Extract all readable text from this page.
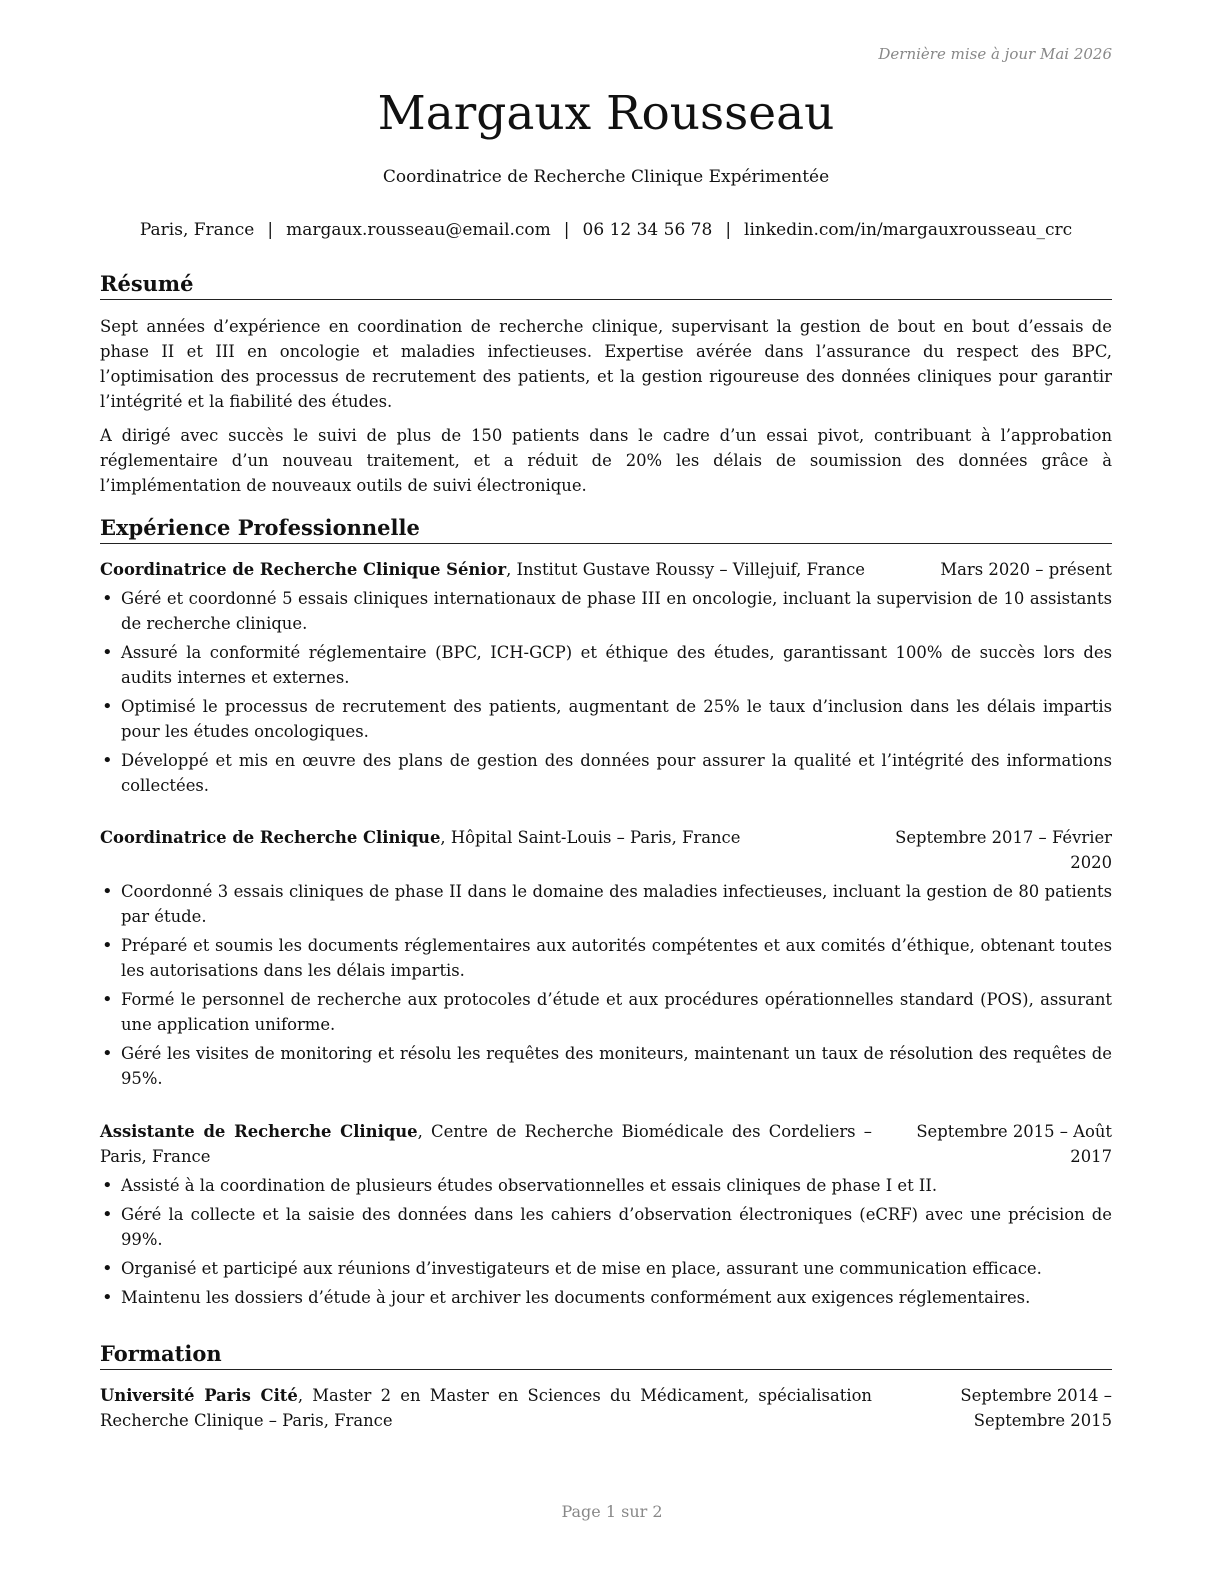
Dernière mise à jour Mai 2026
Margaux Rousseau
Coordinatrice de Recherche Clinique Expérimentée
Paris, France | margaux.rousseau@email.com | 06 12 34 56 78 | linkedin.com/in/margauxrousseau_crc
Résumé

Sept années d’expérience en coordination de recherche clinique, supervisant la gestion de bout en bout d’essais de phase II et III en oncologie et maladies infectieuses. Expertise avérée dans l’assurance du respect des BPC, l’optimisation des processus de recrutement des patients, et la gestion rigoureuse des données cliniques pour garantir l’intégrité et la fiabilité des études.

A dirigé avec succès le suivi de plus de 150 patients dans le cadre d’un essai pivot, contribuant à l’approbation réglementaire d’un nouveau traitement, et a réduit de 20% les délais de soumission des données grâce à l’implémentation de nouveaux outils de suivi électronique.

Expérience Professionnelle
Coordinatrice de Recherche Clinique Sénior, Institut Gustave Roussy – Villejuif, France	Mars 2020 – présent
• Géré et coordonné 5 essais cliniques internationaux de phase III en oncologie, incluant la supervision de 10 assistants de recherche clinique.
• Assuré la conformité réglementaire (BPC, ICH-GCP) et éthique des études, garantissant 100% de succès lors des audits internes et externes.
• Optimisé le processus de recrutement des patients, augmentant de 25% le taux d’inclusion dans les délais impartis pour les études oncologiques.
• Développé et mis en œuvre des plans de gestion des données pour assurer la qualité et l’intégrité des informations collectées.
Coordinatrice de Recherche Clinique, Hôpital Saint-Louis – Paris, France	Septembre 2017 – Février 2020
• Coordonné 3 essais cliniques de phase II dans le domaine des maladies infectieuses, incluant la gestion de 80 patients par étude.
• Préparé et soumis les documents réglementaires aux autorités compétentes et aux comités d’éthique, obtenant toutes les autorisations dans les délais impartis.
• Formé le personnel de recherche aux protocoles d’étude et aux procédures opérationnelles standard (POS), assurant une application uniforme.
• Géré les visites de monitoring et résolu les requêtes des moniteurs, maintenant un taux de résolution des requêtes de 95%.
Assistante de Recherche Clinique, Centre de Recherche Biomédicale des Cordeliers – Paris, France
Septembre 2015 – Août 2017
• Assisté à la coordination de plusieurs études observationnelles et essais cliniques de phase I et II.
• Géré la collecte et la saisie des données dans les cahiers d’observation électroniques (eCRF) avec une précision de 99%.
• Organisé et participé aux réunions d’investigateurs et de mise en place, assurant une communication efficace.
• Maintenu les dossiers d’étude à jour et archiver les documents conformément aux exigences réglementaires.
Formation
Université Paris Cité, Master 2 en Master en Sciences du Médicament, spécialisation Recherche Clinique – Paris, France
Septembre 2014 – Septembre 2015
Page 1 sur 2
